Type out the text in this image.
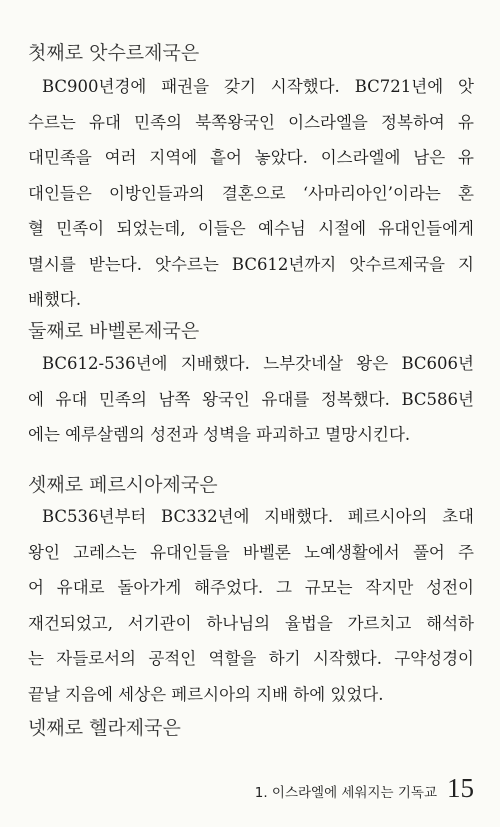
첫째로 앗수르제국은
BC900년경에 패권을 갖기 시작했다. BC721년에 앗
수르는 유대 민족의 북쪽왕국인 이스라엘을 정복하여 유
대민족을 여러 지역에 흩어 놓았다. 이스라엘에 남은 유
대인들은 이방인들과의 결혼으로 ‘사마리아인’이라는 혼
혈 민족이 되었는데, 이들은 예수님 시절에 유대인들에게
멸시를 받는다. 앗수르는 BC612년까지 앗수르제국을 지
배했다.
둘째로 바벨론제국은
BC612-536년에 지배했다. 느부갓네살 왕은 BC606년
에 유대 민족의 남쪽 왕국인 유대를 정복했다. BC586년
에는 예루살렘의 성전과 성벽을 파괴하고 멸망시킨다.
셋째로 페르시아제국은
BC536년부터 BC332년에 지배했다. 페르시아의 초대
왕인 고레스는 유대인들을 바벨론 노예생활에서 풀어 주
어 유대로 돌아가게 해주었다. 그 규모는 작지만 성전이
재건되었고, 서기관이 하나님의 율법을 가르치고 해석하
는 자들로서의 공적인 역할을 하기 시작했다. 구약성경이
끝날 지음에 세상은 페르시아의 지배 하에 있었다.
넷째로 헬라제국은
1. 이스라엘에 세워지는 기독교 15
